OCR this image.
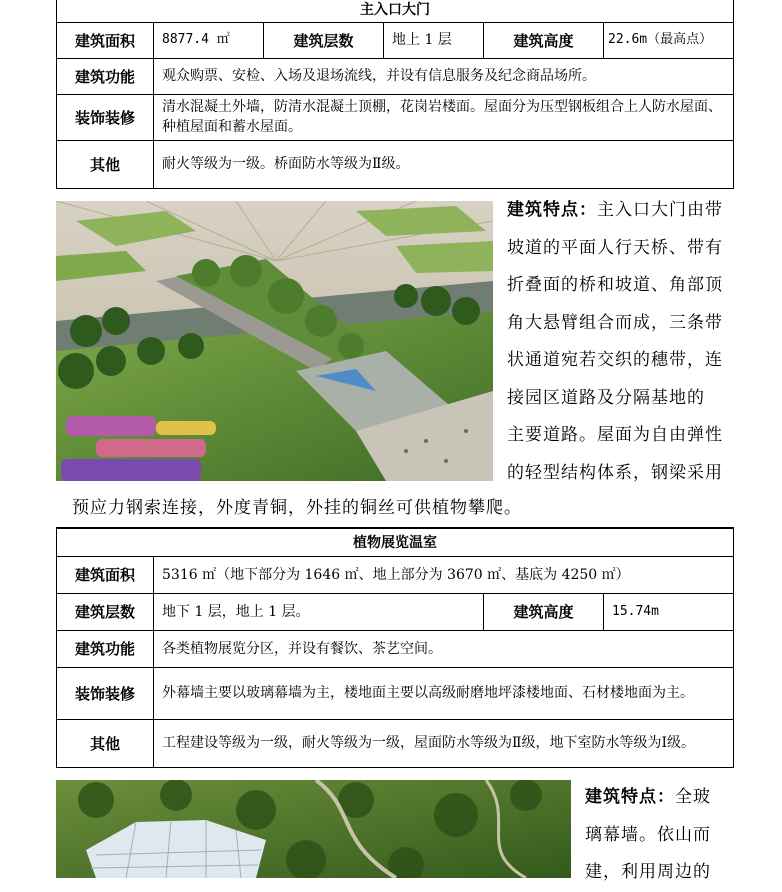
主入口大门					
建筑面积	8877.4 ㎡	建筑层数	地上 1 层	建筑高度	22.6m（最高点）
建筑功能	观众购票、安检、入场及退场流线，并设有信息服务及纪念商品场所。				
装饰装修	清水混凝土外墙，防清水混凝土顶棚，花岗岩楼面。屋面分为压型钢板组合上人防水屋面、种植屋面和蓄水屋面。				
其他	耐火等级为一级。桥面防水等级为Ⅱ级。				
建筑特点：主入口大门由带
坡道的平面人行天桥、带有
折叠面的桥和坡道、角部顶
角大悬臂组合而成，三条带
状通道宛若交织的穗带，连
接园区道路及分隔基地的
主要道路。屋面为自由弹性
的轻型结构体系，钢梁采用
预应力钢索连接，外度青铜，外挂的铜丝可供植物攀爬。
植物展览温室			
建筑面积	5316 ㎡（地下部分为 1646 ㎡、地上部分为 3670 ㎡、基底为 4250 ㎡）		
建筑层数	地下 1 层，地上 1 层。	建筑高度	15.74m
建筑功能	各类植物展览分区，并设有餐饮、茶艺空间。		
装饰装修	外幕墙主要以玻璃幕墙为主，楼地面主要以高级耐磨地坪漆楼地面、石材楼地面为主。		
其他	工程建设等级为一级，耐火等级为一级，屋面防水等级为Ⅱ级，地下室防水等级为Ⅰ级。		
建筑特点：全玻
璃幕墙。依山而
建，利用周边的
